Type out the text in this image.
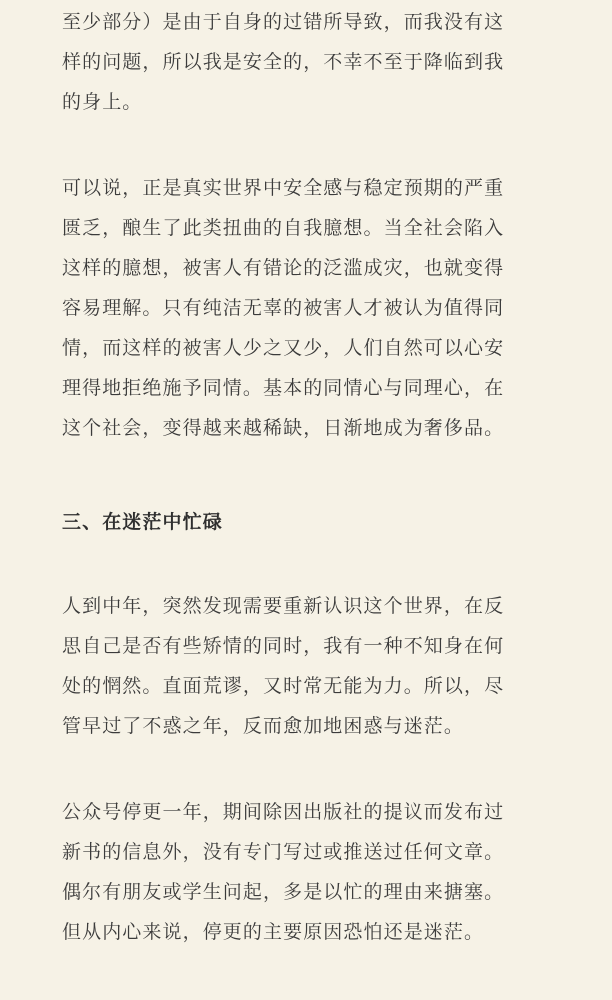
至少部分）是由于自身的过错所导致，而我没有这
样的问题，所以我是安全的，不幸不至于降临到我
的身上。
可以说，正是真实世界中安全感与稳定预期的严重
匮乏，酿生了此类扭曲的自我臆想。当全社会陷入
这样的臆想，被害人有错论的泛滥成灾，也就变得
容易理解。只有纯洁无辜的被害人才被认为值得同
情，而这样的被害人少之又少，人们自然可以心安
理得地拒绝施予同情。基本的同情心与同理心，在
这个社会，变得越来越稀缺，日渐地成为奢侈品。
三、在迷茫中忙碌
人到中年，突然发现需要重新认识这个世界，在反
思自己是否有些矫情的同时，我有一种不知身在何
处的惘然。直面荒谬，又时常无能为力。所以，尽
管早过了不惑之年，反而愈加地困惑与迷茫。
公众号停更一年，期间除因出版社的提议而发布过
新书的信息外，没有专门写过或推送过任何文章。
偶尔有朋友或学生问起，多是以忙的理由来搪塞。
但从内心来说，停更的主要原因恐怕还是迷茫。
